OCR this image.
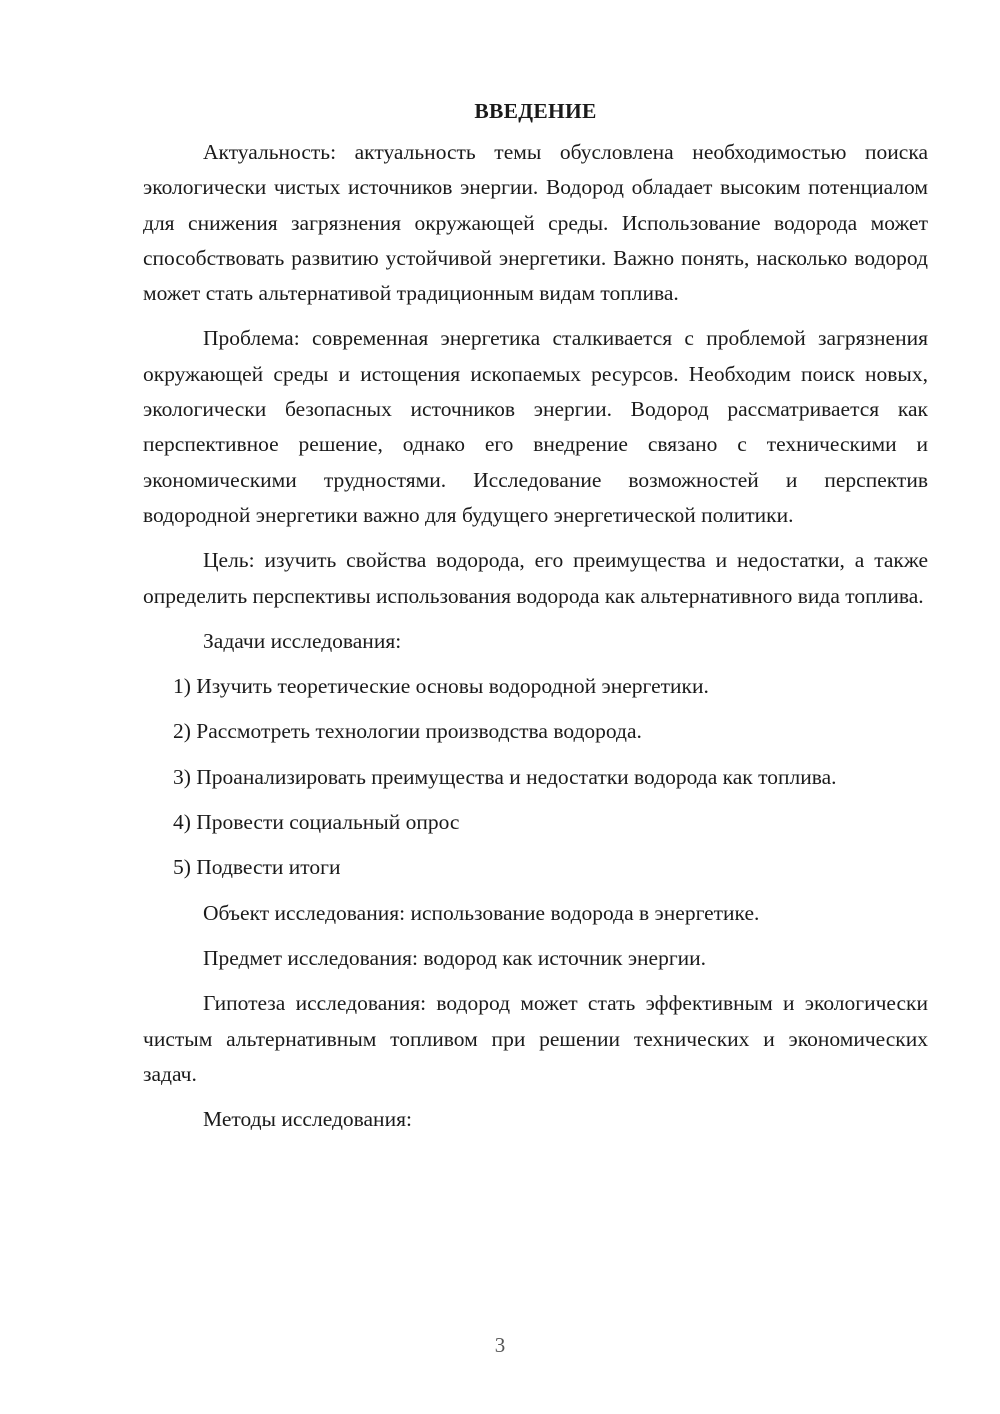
ВВЕДЕНИЕ

Актуальность: актуальность темы обусловлена необходимостью поиска экологически чистых источников энергии. Водород обладает высоким потенциалом для снижения загрязнения окружающей среды. Использование водорода может способствовать развитию устойчивой энергетики. Важно понять, насколько водород может стать альтернативой традиционным видам топлива.

Проблема: современная энергетика сталкивается с проблемой загрязнения окружающей среды и истощения ископаемых ресурсов. Необходим поиск новых, экологически безопасных источников энергии. Водород рассматривается как перспективное решение, однако его внедрение связано с техническими и экономическими трудностями. Исследование возможностей и перспектив водородной энергетики важно для будущего энергетической политики.

Цель: изучить свойства водорода, его преимущества и недостатки, а также определить перспективы использования водорода как альтернативного вида топлива.

Задачи исследования:

1) Изучить теоретические основы водородной энергетики.

2) Рассмотреть технологии производства водорода.

3) Проанализировать преимущества и недостатки водорода как топлива.

4) Провести социальный опрос

5) Подвести итоги

Объект исследования: использование водорода в энергетике.

Предмет исследования: водород как источник энергии.

Гипотеза исследования: водород может стать эффективным и экологически чистым альтернативным топливом при решении технических и экономических задач.

Методы исследования:

3
